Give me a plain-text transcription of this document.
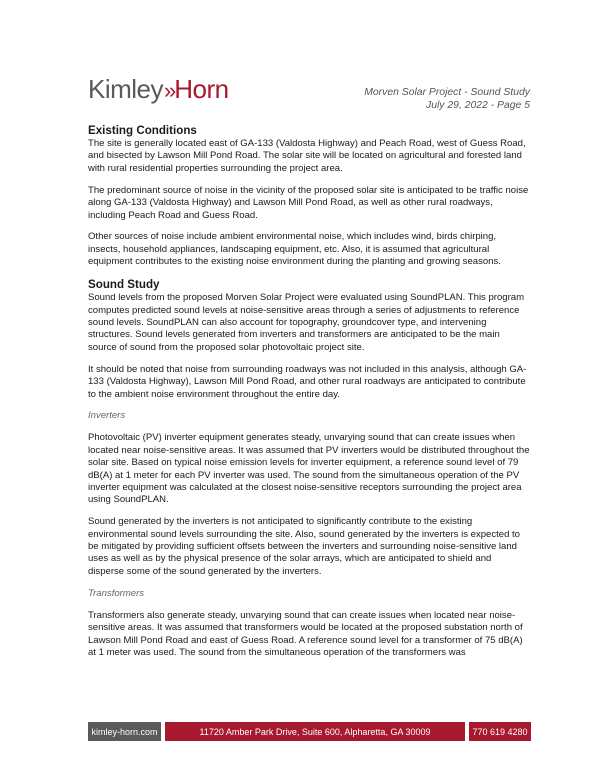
Kimley»Horn	Morven Solar Project - Sound Study
July 29, 2022 - Page 5
Existing Conditions

The site is generally located east of GA-133 (Valdosta Highway) and Peach Road, west of Guess Road, and bisected by Lawson Mill Pond Road. The solar site will be located on agricultural and forested land with rural residential properties surrounding the project area.

The predominant source of noise in the vicinity of the proposed solar site is anticipated to be traffic noise along GA-133 (Valdosta Highway) and Lawson Mill Pond Road, as well as other rural roadways, including Peach Road and Guess Road.

Other sources of noise include ambient environmental noise, which includes wind, birds chirping, insects, household appliances, landscaping equipment, etc. Also, it is assumed that agricultural equipment contributes to the existing noise environment during the planting and growing seasons.

Sound Study

Sound levels from the proposed Morven Solar Project were evaluated using SoundPLAN. This program computes predicted sound levels at noise-sensitive areas through a series of adjustments to reference sound levels. SoundPLAN can also account for topography, groundcover type, and intervening structures. Sound levels generated from inverters and transformers are anticipated to be the main source of sound from the proposed solar photovoltaic project site.

It should be noted that noise from surrounding roadways was not included in this analysis, although GA-133 (Valdosta Highway), Lawson Mill Pond Road, and other rural roadways are anticipated to contribute to the ambient noise environment throughout the entire day.

Inverters

Photovoltaic (PV) inverter equipment generates steady, unvarying sound that can create issues when located near noise-sensitive areas. It was assumed that PV inverters would be distributed throughout the solar site. Based on typical noise emission levels for inverter equipment, a reference sound level of 79 dB(A) at 1 meter for each PV inverter was used. The sound from the simultaneous operation of the PV inverter equipment was calculated at the closest noise-sensitive receptors surrounding the project area using SoundPLAN.

Sound generated by the inverters is not anticipated to significantly contribute to the existing environmental sound levels surrounding the site. Also, sound generated by the inverters is expected to be mitigated by providing sufficient offsets between the inverters and surrounding noise-sensitive land uses as well as by the physical presence of the solar arrays, which are anticipated to shield and disperse some of the sound generated by the inverters.

Transformers

Transformers also generate steady, unvarying sound that can create issues when located near noise-sensitive areas. It was assumed that transformers would be located at the proposed substation north of Lawson Mill Pond Road and east of Guess Road. A reference sound level for a transformer of 75 dB(A) at 1 meter was used. The sound from the simultaneous operation of the transformers was

kimley-horn.com	11720 Amber Park Drive, Suite 600, Alpharetta, GA 30009	770 619 4280
